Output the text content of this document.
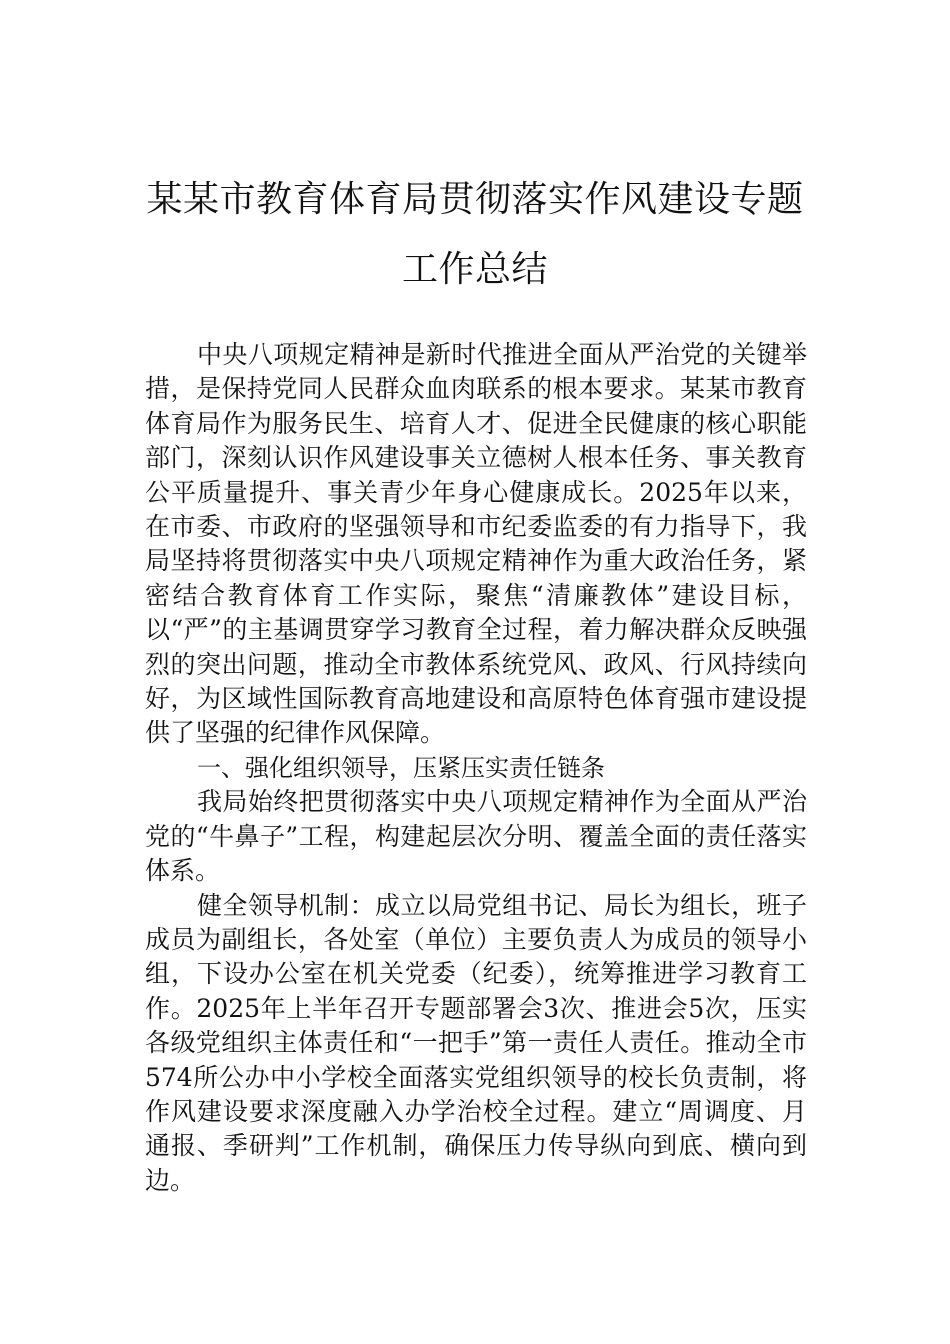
某某市教育体育局贯彻落实作风建设专题
工作总结

中央八项规定精神是新时代推进全面从严治党的关键举措，是保持党同人民群众血肉联系的根本要求。某某市教育体育局作为服务民生、培育人才、促进全民健康的核心职能部门，深刻认识作风建设事关立德树人根本任务、事关教育公平质量提升、事关青少年身心健康成长。2025年以来，在市委、市政府的坚强领导和市纪委监委的有力指导下，我局坚持将贯彻落实中央八项规定精神作为重大政治任务，紧密结合教育体育工作实际，聚焦“清廉教体”建设目标，以“严”的主基调贯穿学习教育全过程，着力解决群众反映强烈的突出问题，推动全市教体系统党风、政风、行风持续向好，为区域性国际教育高地建设和高原特色体育强市建设提供了坚强的纪律作风保障。

一、强化组织领导，压紧压实责任链条

我局始终把贯彻落实中央八项规定精神作为全面从严治党的“牛鼻子”工程，构建起层次分明、覆盖全面的责任落实体系。

健全领导机制：成立以局党组书记、局长为组长，班子成员为副组长，各处室（单位）主要负责人为成员的领导小组，下设办公室在机关党委（纪委），统筹推进学习教育工作。2025年上半年召开专题部署会3次、推进会5次，压实各级党组织主体责任和“一把手”第一责任人责任。推动全市574所公办中小学校全面落实党组织领导的校长负责制，将作风建设要求深度融入办学治校全过程。建立“周调度、月通报、季研判”工作机制，确保压力传导纵向到底、横向到边。
